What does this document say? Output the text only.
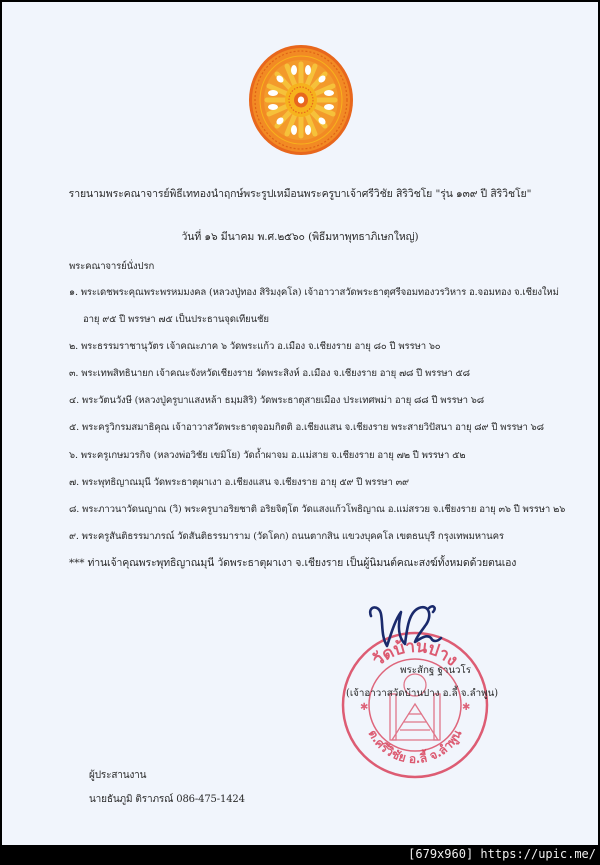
รายนามพระคณาจารย์พิธีเททองนำฤกษ์พระรูปเหมือนพระครูบาเจ้าศรีวิชัย สิริวิชโย "รุ่น ๑๓๙ ปี สิริวิชโย"
วันที่ ๑๖ มีนาคม พ.ศ.๒๕๖๐ (พิธีมหาพุทธาภิเษกใหญ่)
พระคณาจารย์นั่งปรก
๑. พระเดชพระคุณพระพรหมมงคล (หลวงปู่ทอง สิริมงฺคโล) เจ้าอาวาสวัดพระธาตุศรีจอมทองวรวิหาร อ.จอมทอง จ.เชียงใหม่
อายุ ๙๕ ปี พรรษา ๗๕ เป็นประธานจุดเทียนชัย
๒. พระธรรมราชานุวัตร เจ้าคณะภาค ๖ วัดพระแก้ว อ.เมือง จ.เชียงราย อายุ ๘๐ ปี พรรษา ๖๐
๓. พระเทพสิทธินายก เจ้าคณะจังหวัดเชียงราย วัดพระสิงห์ อ.เมือง จ.เชียงราย อายุ ๗๘ ปี พรรษา ๕๘
๔. พระวัตนวังษี (หลวงปู่ครูบาแสงหล้า ธมฺมสิริ) วัดพระธาตุสายเมือง ประเทศพม่า อายุ ๘๘ ปี พรรษา ๖๘
๕. พระครูวิกรมสมาธิคุณ เจ้าอาวาสวัดพระธาตุจอมกิตติ อ.เชียงแสน จ.เชียงราย พระสายวิปัสนา อายุ ๘๙ ปี พรรษา ๖๘
๖. พระครูเกษมวรกิจ (หลวงพ่อวิชัย เขมิโย) วัดถ้ำผาจม อ.แม่สาย จ.เชียงราย อายุ ๗๒ ปี พรรษา ๕๒
๗. พระพุทธิญาณมุนี วัดพระธาตุผาเงา อ.เชียงแสน จ.เชียงราย อายุ ๕๙ ปี พรรษา ๓๙
๘. พระภาวนาวัดนญาณ (วิ) พระครูบาอริยชาติ อริยจิตฺโต วัดแสงแก้วโพธิญาณ อ.แม่สรวย จ.เชียงราย อายุ ๓๖ ปี พรรษา ๒๖
๙. พระครูสันติธรรมาภรณ์ วัดสันติธรรมาราม (วัดโคก) ถนนตากสิน แขวงบุคคโล เขตธนบุรี กรุงเทพมหานคร
*** ท่านเจ้าคุณพระพุทธิญาณมุนี วัดพระธาตุผาเงา จ.เชียงราย เป็นผู้นิมนต์คณะสงฆ์ทั้งหมดด้วยตนเอง
วัดบ้านปาง
ต.ศรีวิชัย อ.ลี้ จ.ลำพูน
✱	✱
พระสักฐ ฐานวโร
(เจ้าอาวาสวัดบ้านปาง อ.ลี้ จ.ลำพูน)
ผู้ประสานงาน
นายธันภูมิ ติราภรณ์ 086-475-1424
[679x960] https://upic.me/
